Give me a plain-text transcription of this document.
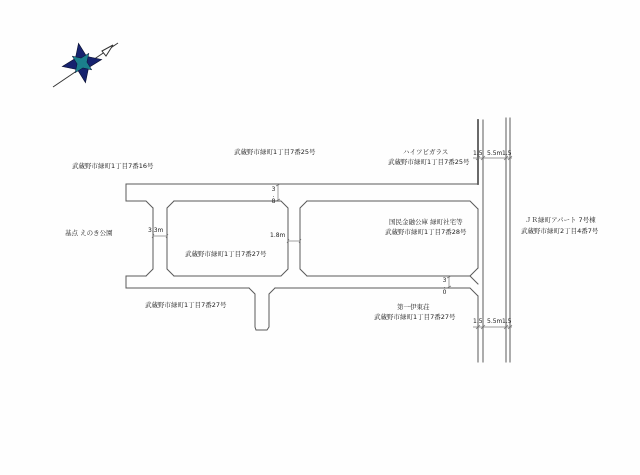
武蔵野市緑町1丁目7番16号
武蔵野市緑町1丁目7番25号	ハイツビガラス
武蔵野市緑町1丁目7番25号
国民金融公庫 緑町社宅等
武蔵野市緑町1丁目7番28号
武蔵野市緑町1丁目7番27号
武蔵野市緑町1丁目7番27号	第一伊東荘
武蔵野市緑町1丁目7番27号
ＪＲ緑町アパート 7号棟
武蔵野市緑町2丁目4番7号
基点 えのき公園
3.8
3.3m
1.8m
3.0
1.5 5.5m 1.5
1.5 5.5m 1.5
